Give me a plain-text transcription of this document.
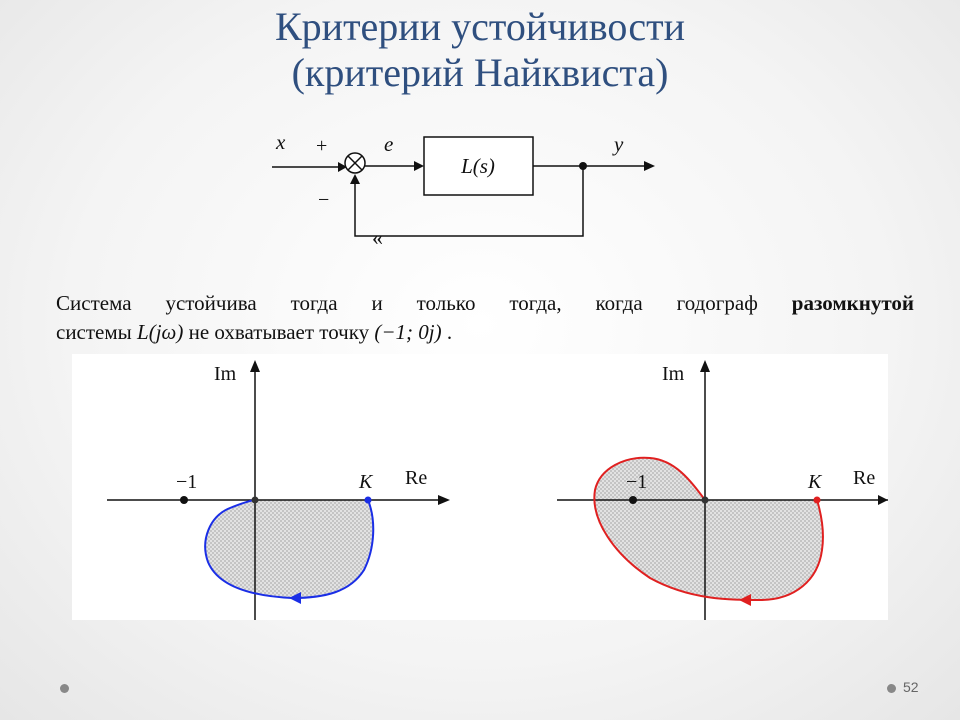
Критерии устойчивости
(критерий Найквиста)
x +
−
e
L(s)
y
«
Im
Re
−1	K
Im
Re
−1	K
Система устойчива тогда и только тогда, когда годограф разомкнутой
системы L(jω) не охватывает точку (−1; 0j) .
52
